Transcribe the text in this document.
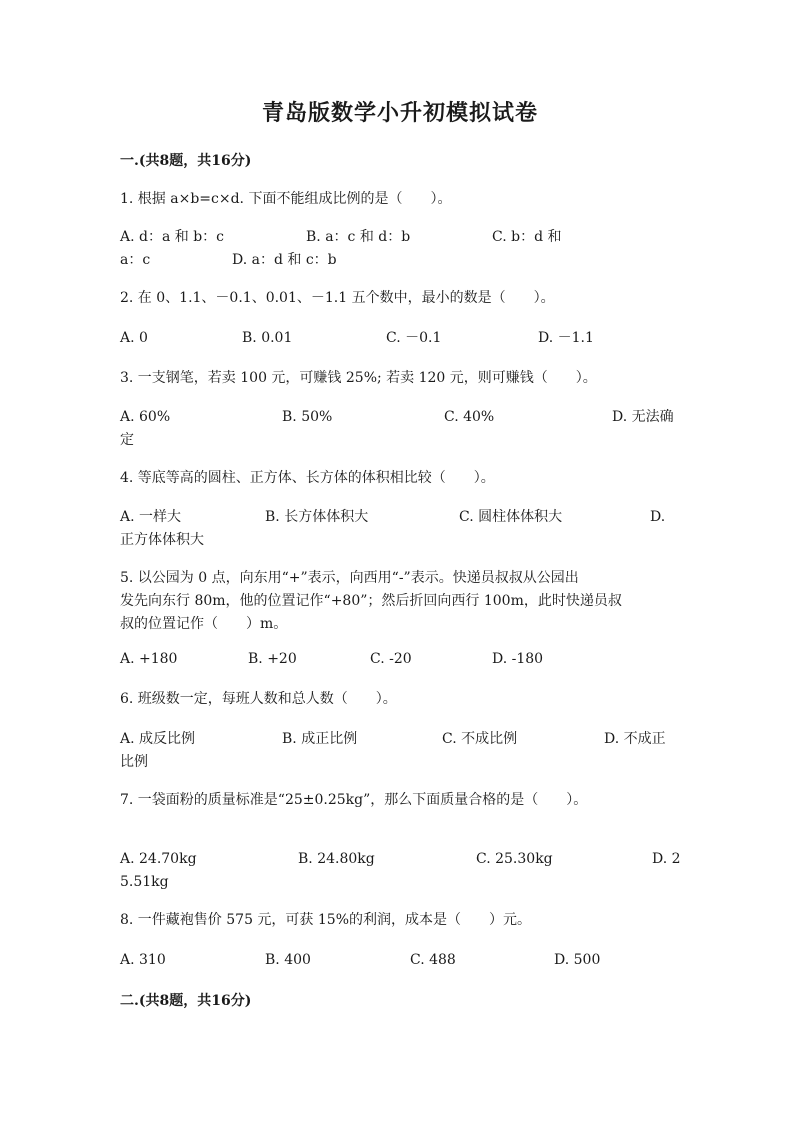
青岛版数学小升初模拟试卷
一.(共8题，共16分)
1. 根据 a×b=c×d. 下面不能组成比例的是（　　）。
A. d：a 和 b：c	B. a：c 和 d：b	C. b：d 和
a：c	D. a：d 和 c：b
2. 在 0、1.1、－0.1、0.01、－1.1 五个数中，最小的数是（　　）。
A. 0	B. 0.01	C. －0.1	D. －1.1
3. 一支钢笔，若卖 100 元，可赚钱 25%; 若卖 120 元，则可赚钱（　　）。
A. 60%	B. 50%	C. 40%	D. 无法确
定
4. 等底等高的圆柱、正方体、长方体的体积相比较（　　）。
A. 一样大	B. 长方体体积大	C. 圆柱体体积大	D.
正方体体积大
5. 以公园为 0 点，向东用“+”表示，向西用“-”表示。快递员叔叔从公园出
发先向东行 80m，他的位置记作“+80”；然后折回向西行 100m，此时快递员叔
叔的位置记作（　　）m。
A. +180	B. +20	C. -20	D. -180
6. 班级数一定，每班人数和总人数（　　）。
A. 成反比例	B. 成正比例	C. 不成比例	D. 不成正
比例
7. 一袋面粉的质量标准是“25±0.25kg”，那么下面质量合格的是（　　）。
A. 24.70kg	B. 24.80kg	C. 25.30kg	D. 2
5.51kg
8. 一件藏袍售价 575 元，可获 15%的利润，成本是（　　）元。
A. 310	B. 400	C. 488	D. 500
二.(共8题，共16分)
